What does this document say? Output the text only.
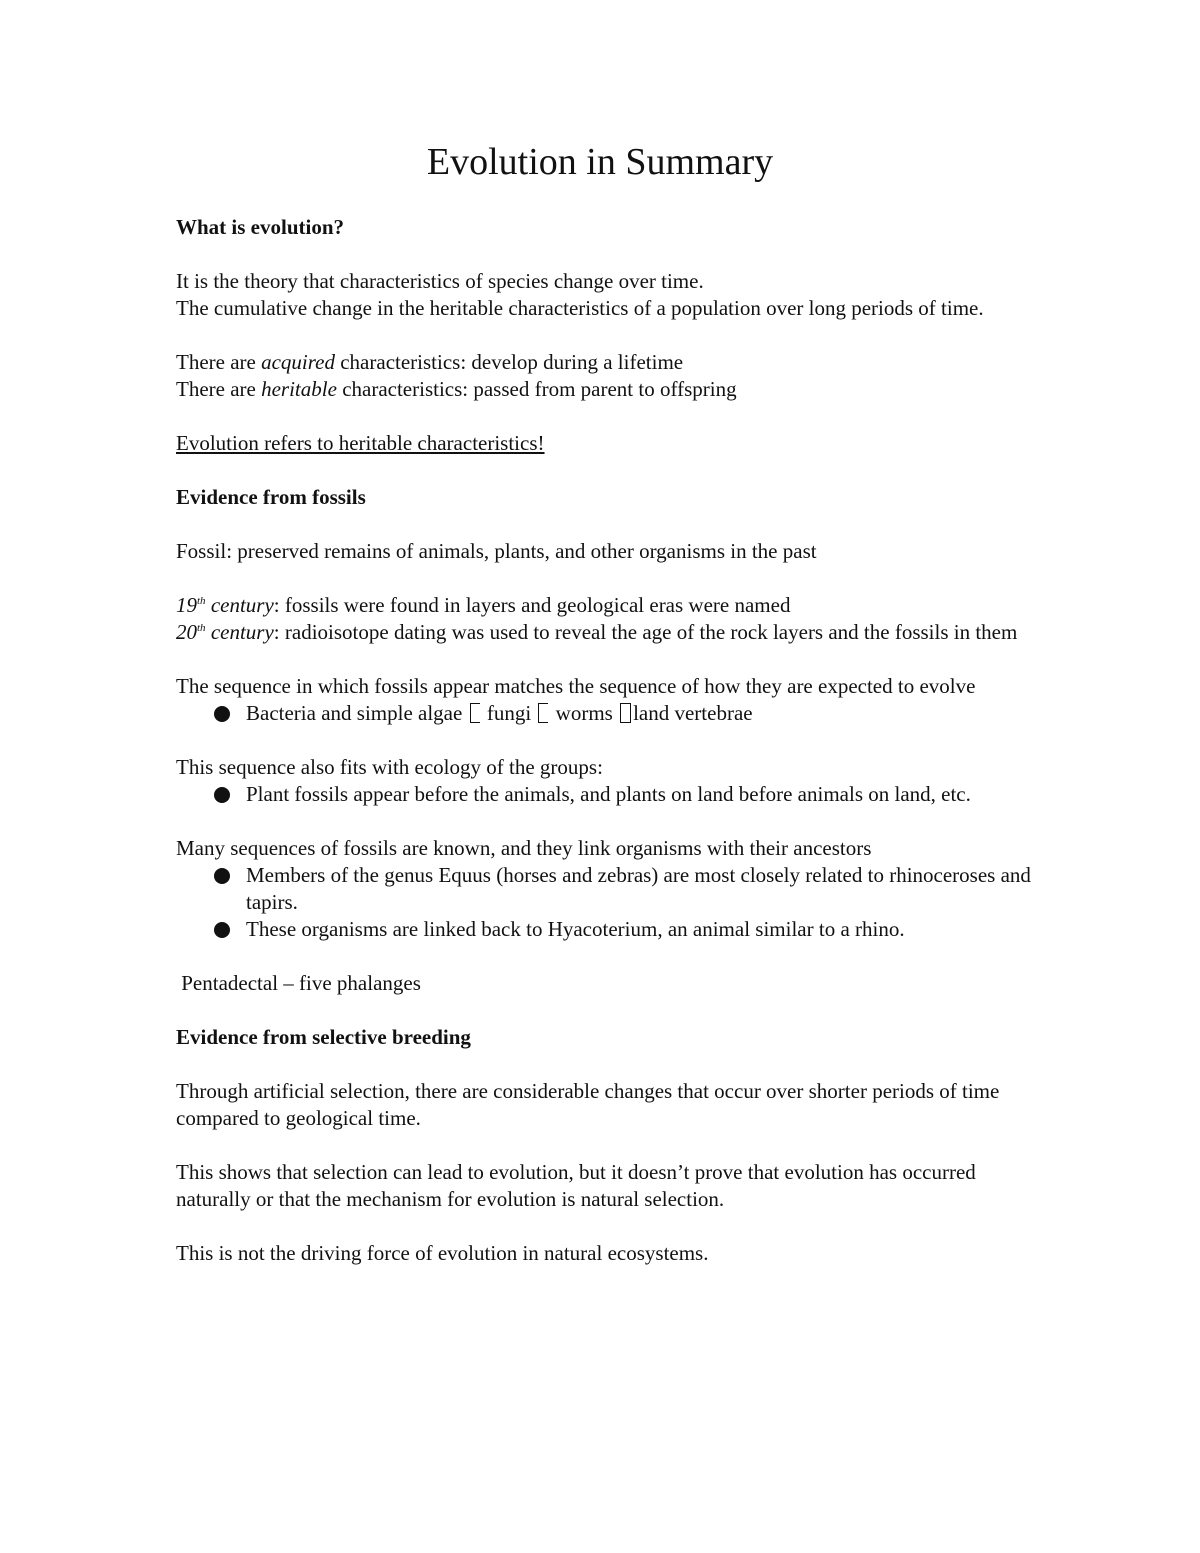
Evolution in Summary

What is evolution?

It is the theory that characteristics of species change over time.

The cumulative change in the heritable characteristics of a population over long periods of time.

There are acquired characteristics: develop during a lifetime

There are heritable characteristics: passed from parent to offspring

Evolution refers to heritable characteristics!

Evidence from fossils

Fossil: preserved remains of animals, plants, and other organisms in the past

19th century: fossils were found in layers and geological eras were named

20th century: radioisotope dating was used to reveal the age of the rock layers and the fossils in them

The sequence in which fossils appear matches the sequence of how they are expected to evolve

Bacteria and simple algae fungi worms land vertebrae

This sequence also fits with ecology of the groups:

Plant fossils appear before the animals, and plants on land before animals on land, etc.

Many sequences of fossils are known, and they link organisms with their ancestors

Members of the genus Equus (horses and zebras) are most closely related to rhinoceroses and tapirs.
These organisms are linked back to Hyacoterium, an animal similar to a rhino.

Pentadectal – five phalanges

Evidence from selective breeding

Through artificial selection, there are considerable changes that occur over shorter periods of time compared to geological time.

This shows that selection can lead to evolution, but it doesn’t prove that evolution has occurred naturally or that the mechanism for evolution is natural selection.

This is not the driving force of evolution in natural ecosystems.
